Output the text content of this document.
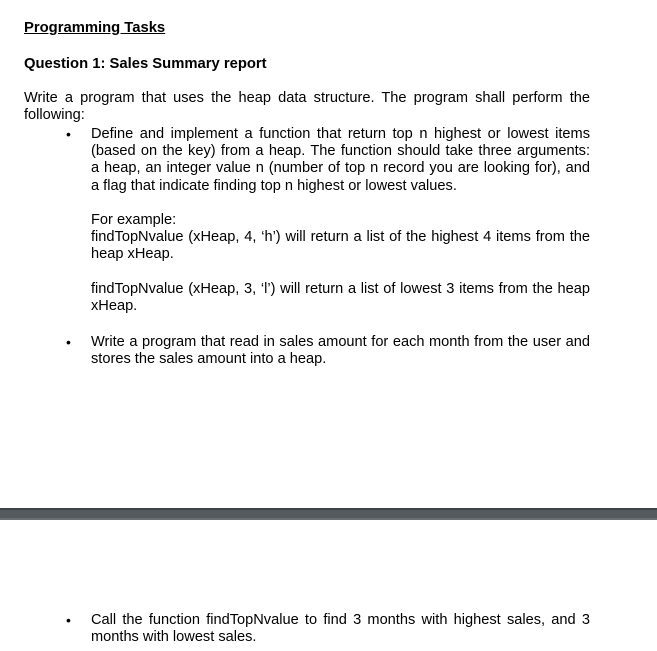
Programming Tasks
Question 1: Sales Summary report
Write a program that uses the heap data structure. The program shall perform the
following:
• Define and implement a function that return top n highest or lowest items
(based on the key) from a heap. The function should take three arguments:
a heap, an integer value n (number of top n record you are looking for), and
a flag that indicate finding top n highest or lowest values.
For example:
findTopNvalue (xHeap, 4, ‘h’) will return a list of the highest 4 items from the
heap xHeap.
findTopNvalue (xHeap, 3, ‘l’) will return a list of lowest 3 items from the heap
xHeap.
• Write a program that read in sales amount for each month from the user and
stores the sales amount into a heap.
• Call the function findTopNvalue to find 3 months with highest sales, and 3
months with lowest sales.
